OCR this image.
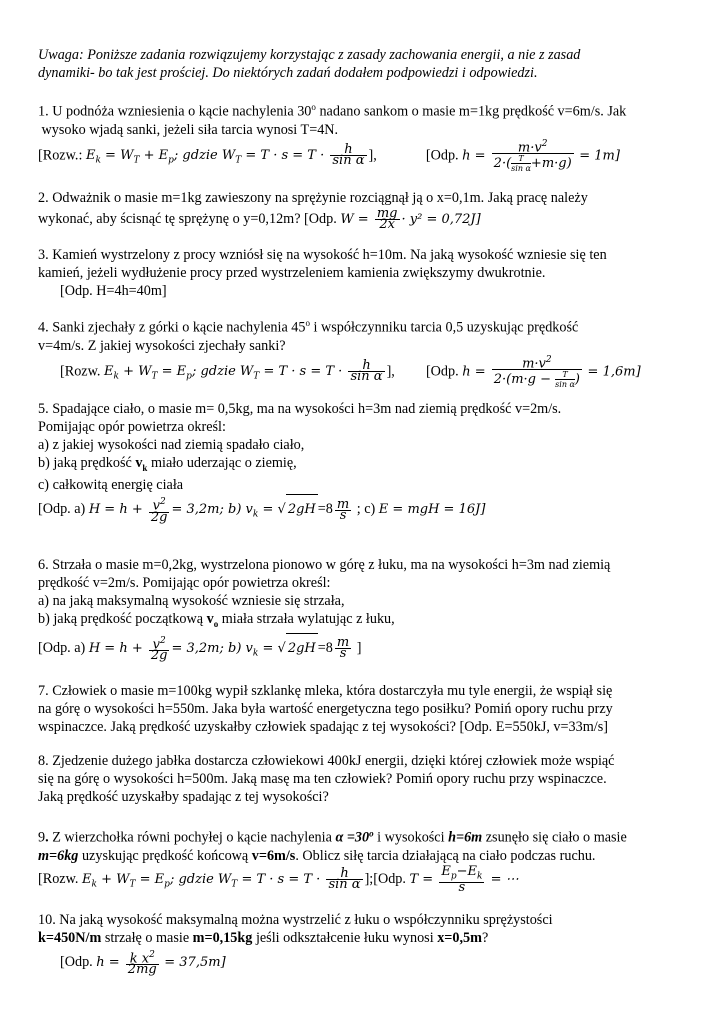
Uwaga: Poniższe zadania rozwiązujemy korzystając z zasady zachowania energii, a nie z zasad
dynamiki- bo tak jest prościej. Do niektórych zadań dodałem podpowiedzi i odpowiedzi.
1. U podnóża wzniesienia o kącie nachylenia 30$^o$ nadano sankom o masie m=1kg prędkość v=6m/s. Jak
wysoko wjadą sanki, jeżeli siła tarcia wynosi T=4N.
[Rozw.: $E_k = W_T + E_p$; gdzie $W_T = T \cdot s = T \cdot \frac{h}{\text{sin α}}$ ],	[Odp. $h = \frac{m\cdot v^2}{2\cdot( \frac{T}{\text{sin α}} +m\cdot g)} = 1m$]
2. Odważnik o masie m=1kg zawieszony na sprężynie rozciągnął ją o x=0,1m. Jaką pracę należy
wykonać, aby ścisnąć tę sprężynę o y=0,12m? [Odp. $W = \frac{mg}{2x} \cdot y^2 = 0,72J$]
3. Kamień wystrzelony z procy wzniósł się na wysokość h=10m. Na jaką wysokość wzniesie się ten
kamień, jeżeli wydłużenie procy przed wystrzeleniem kamienia zwiększymy dwukrotnie.
[Odp. H=4h=40m]
4. Sanki zjechały z górki o kącie nachylenia 45$^o$ i współczynniku tarcia 0,5 uzyskując prędkość
v=4m/s. Z jakiej wysokości zjechały sanki?
[Rozw. $E_k + W_T = E_p$; gdzie $W_T = T \cdot s = T \cdot \frac{h}{\text{sin α}}$ ],  [Odp. $h = \frac{m\cdot v^2}{2\cdot(m\cdot g - \frac{T}{\text{sin α}} )} = 1,6m$]
5. Spadające ciało, o masie m= 0,5kg, ma na wysokości h=3m nad ziemią prędkość v=2m/s.
Pomijając opór powietrza określ:
a) z jakiej wysokości nad ziemią spadało ciało,
b) jaką prędkość $v_k$ miało uderzając o ziemię,
c) całkowitą energię ciała
[Odp. a) $H = h + \frac{v^2}{2g} = 3,2m$; b) $v_k$ = √ $2gH =8 \frac{m}{s}$ ; c) E = mgH = 16J]
6. Strzała o masie m=0,2kg, wystrzelona pionowo w górę z łuku, ma na wysokości h=3m nad ziemią
prędkość v=2m/s. Pomijając opór powietrza określ:
a) na jaką maksymalną wysokość wzniesie się strzała,
b) jaką prędkość początkową $v_o$ miała strzała wylatując z łuku,
[Odp. a) $H = h + \frac{v^2}{2g} = 3,2m$; b) $v_k$ = √ $2gH =8 \frac{m}{s}$ ]
7. Człowiek o masie m=100kg wypił szklankę mleka, która dostarczyła mu tyle energii, że wspiął się
na górę o wysokości h=550m. Jaka była wartość energetyczna tego posiłku? Pomiń opory ruchu przy
wspinaczce. Jaką prędkość uzyskałby człowiek spadając z tej wysokości? [Odp. E=550kJ, v=33m/s]
8. Zjedzenie dużego jabłka dostarcza człowiekowi 400kJ energii, dzięki której człowiek może wspiąć
się na górę o wysokości h=500m. Jaką masę ma ten człowiek? Pomiń opory ruchu przy wspinaczce.
Jaką prędkość uzyskałby spadając z tej wysokości?
9. Z wierzchołka równi pochyłej o kącie nachylenia $\alpha =30^o$ i wysokości h=6m zsunęło się ciało o masie
m=6kg uzyskując prędkość końcową v=6m/s. Oblicz siłę tarcia działającą na ciało podczas ruchu.
[Rozw. $E_k + W_T = E_p$; gdzie $W_T = T \cdot s = T \cdot \frac{h}{\text{sin α}}$ ];[Odp. $T = \frac{E_p-E_k}{s}$ = ⋯
10. Na jaką wysokość maksymalną można wystrzelić z łuku o współczynniku sprężystości
k=450N/m strzałę o masie m=0,15kg jeśli odkształcenie łuku wynosi x=0,5m?
[Odp. $h = \frac{k x^2}{2mg} = 37,5m$]
